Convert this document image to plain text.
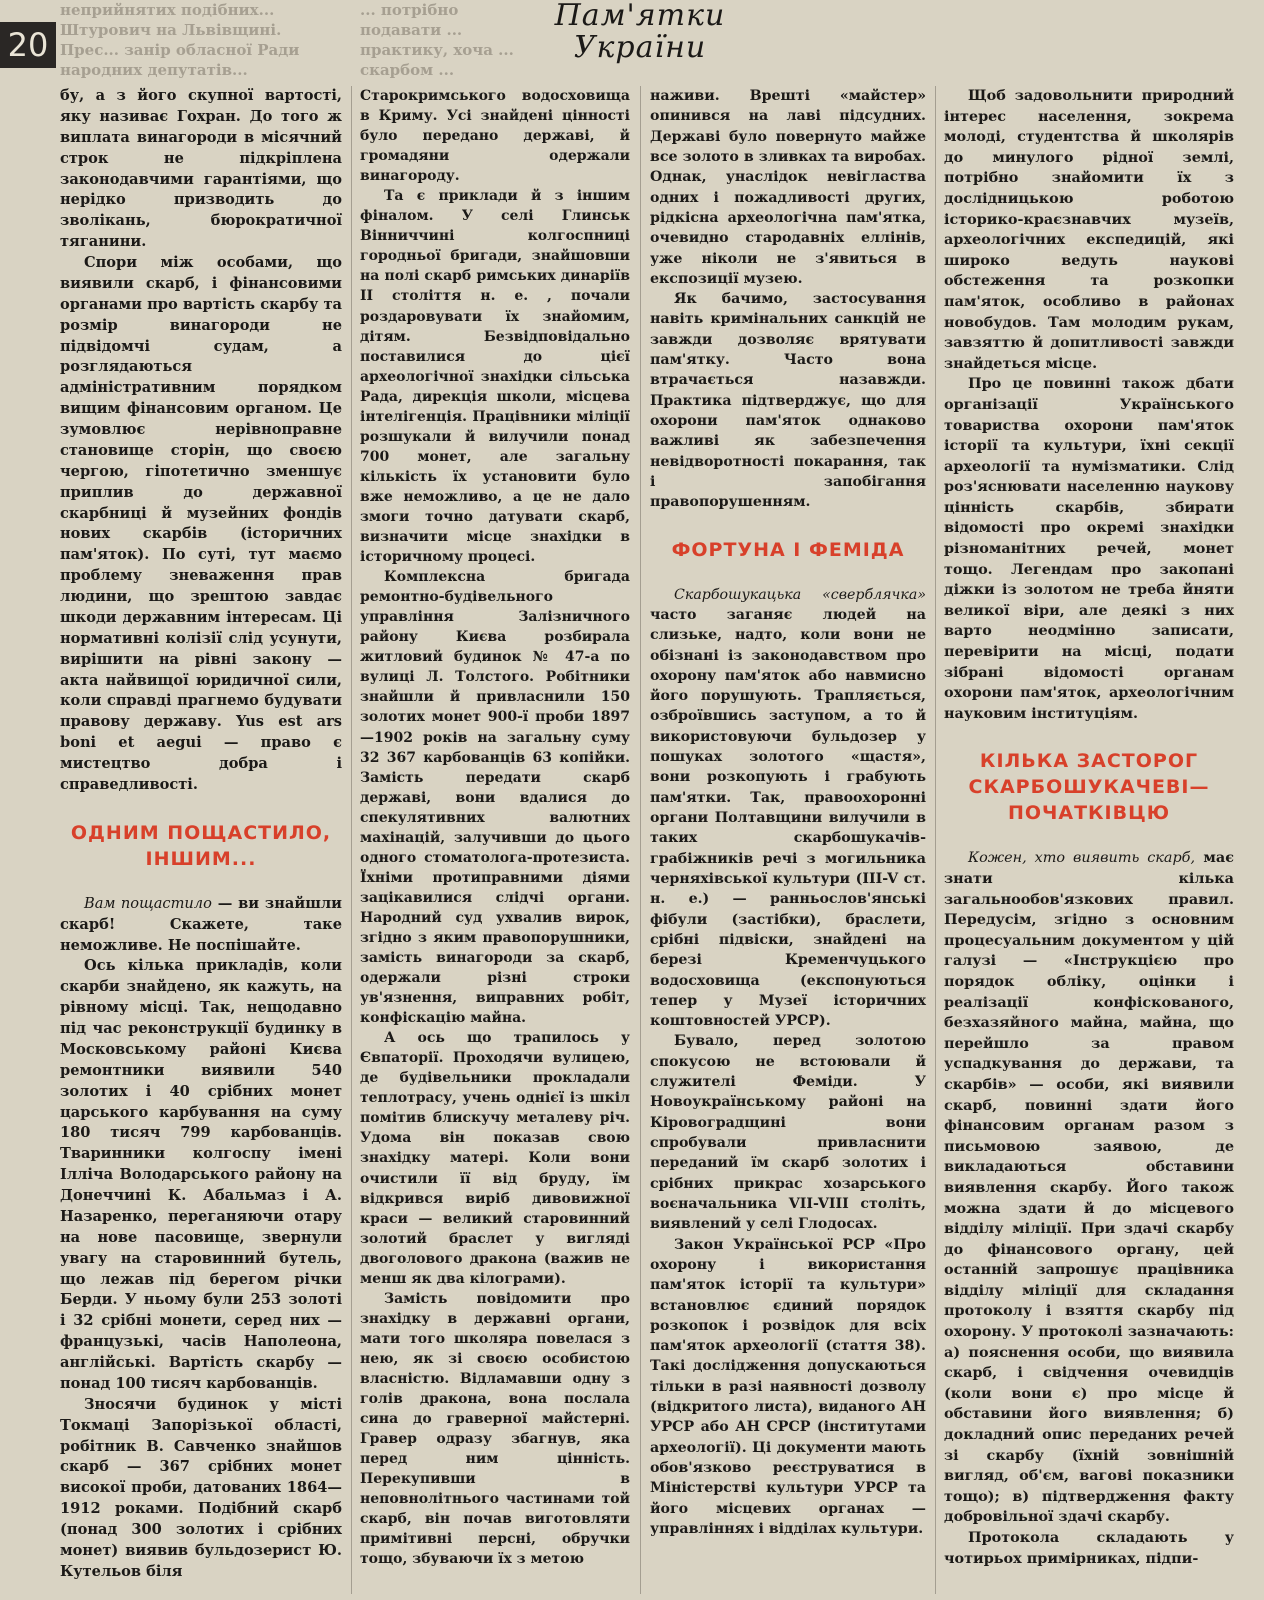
20
Пам'ятки України
неприйнятих подібних... Штурович на Львівщині. Прес... занір обласної Ради народних депутатів...
... потрібно подавати ... практику, хоча ... скарбом ...

бу, а з його скупної вартості, яку називає Гохран. До того ж виплата винагороди в місячний строк не підкріплена законодавчими гарантіями, що нерідко призводить до зволікань, бюрократичної тяганини.

Спори між особами, що виявили скарб, і фінансовими органами про вартість скарбу та розмір винагороди не підвідомчі судам, а розглядаються адміністративним порядком вищим фінансовим органом. Це зумовлює нерівноправне становище сторін, що своєю чергою, гіпотетично зменшує приплив до державної скарбниці й музейних фондів нових скарбів (історичних пам'яток). По суті, тут маємо проблему зневаження прав людини, що зрештою завдає шкоди державним інтересам. Ці нормативні колізії слід усунути, вирішити на рівні закону — акта найвищої юридичної сили, коли справді прагнемо будувати правову державу. Yus est ars boni et aegui — право є мистецтво добра і справедливості.

ОДНИМ ПОЩАСТИЛО, ІНШИМ...

Вам пощастило — ви знайшли скарб! Скажете, таке неможливе. Не поспішайте.

Ось кілька прикладів, коли скарби знайдено, як кажуть, на рівному місці. Так, нещодавно під час реконструкції будинку в Московському районі Києва ремонтники виявили 540 золотих і 40 срібних монет царського карбування на суму 180 тисяч 799 карбованців. Тваринники колгоспу імені Ілліча Володарського району на Донеччині К. Абальмаз і А. Назаренко, переганяючи отару на нове пасовище, звернули увагу на старовинний бутель, що лежав під берегом річки Берди. У ньому були 253 золоті і 32 срібні монети, серед них — французькі, часів Наполеона, англійські. Вартість скарбу — понад 100 тисяч карбованців.

Зносячи будинок у місті Токмаці Запорізької області, робітник В. Савченко знайшов скарб — 367 срібних монет високої проби, датованих 1864—1912 роками. Подібний скарб (понад 300 золотих і срібних монет) виявив бульдозерист Ю. Кутельов біля

Старокримського водосховища в Криму. Усі знайдені цінності було передано державі, й громадяни одержали винагороду.

Та є приклади й з іншим фіналом. У селі Глинськ Вінниччині колгоспниці городньої бригади, знайшовши на полі скарб римських динаріїв II століття н. е. , почали роздаровувати їх знайомим, дітям. Безвідповідально поставилися до цієї археологічної знахідки сільська Рада, дирекція школи, місцева інтелігенція. Працівники міліції розшукали й вилучили понад 700 монет, але загальну кількість їх установити було вже неможливо, а це не дало змоги точно датувати скарб, визначити місце знахідки в історичному процесі.

Комплексна бригада ремонтно-будівельного управління Залізничного району Києва розбирала житловий будинок № 47-а по вулиці Л. Толстого. Робітники знайшли й привласнили 150 золотих монет 900-ї проби 1897—1902 років на загальну суму 32 367 карбованців 63 копійки. Замість передати скарб державі, вони вдалися до спекулятивних валютних махінацій, залучивши до цього одного стоматолога-протезиста. Їхніми протиправними діями зацікавилися слідчі органи. Народний суд ухвалив вирок, згідно з яким правопорушники, замість винагороди за скарб, одержали різні строки ув'язнення, виправних робіт, конфіскацію майна.

А ось що трапилось у Євпаторії. Проходячи вулицею, де будівельники прокладали теплотрасу, учень однієї із шкіл помітив блискучу металеву річ. Удома він показав свою знахідку матері. Коли вони очистили її від бруду, їм відкрився виріб дивовижної краси — великий старовинний золотий браслет у вигляді двоголового дракона (важив не менш як два кілограми).

Замість повідомити про знахідку в державні органи, мати того школяра повелася з нею, як зі своєю особистою власністю. Відламавши одну з голів дракона, вона послала сина до граверної майстерні. Гравер одразу збагнув, яка перед ним цінність. Перекупивши в неповнолітнього частинами той скарб, він почав виготовляти примітивні персні, обручки тощо, збуваючи їх з метою

наживи. Врешті «майстер» опинився на лаві підсудних. Державі було повернуто майже все золото в зливках та виробах. Однак, унаслідок невігластва одних і пожадливості других, рідкісна археологічна пам'ятка, очевидно стародавніх еллінів, уже ніколи не з'явиться в експозиції музею.

Як бачимо, застосування навіть кримінальних санкцій не завжди дозволяє врятувати пам'ятку. Часто вона втрачається назавжди. Практика підтверджує, що для охорони пам'яток однаково важливі як забезпечення невідворотності покарання, так і запобігання правопорушенням.

ФОРТУНА І ФЕМІДА

Скарбошукацька «сверблячка» часто заганяє людей на слизьке, надто, коли вони не обізнані із законодавством про охорону пам'яток або навмисно його порушують. Трапляється, озброївшись заступом, а то й використовуючи бульдозер у пошуках золотого «щастя», вони розкопують і грабують пам'ятки. Так, правоохоронні органи Полтавщини вилучили в таких скарбошукачів-грабіжників речі з могильника черняхівської культури (III-V ст. н. е.) — ранньослов'янські фібули (застібки), браслети, срібні підвіски, знайдені на березі Кременчуцького водосховища (експонуються тепер у Музеї історичних коштовностей УРСР).

Бувало, перед золотою спокусою не встоювали й служителі Феміди. У Новоукраїнському районі на Кіровоградщині вони спробували привласнити переданий їм скарб золотих і срібних прикрас хозарського воєначальника VII-VIII століть, виявлений у селі Глодосах.

Закон Української РСР «Про охорону і використання пам'яток історії та культури» встановлює єдиний порядок розкопок і розвідок для всіх пам'яток археології (стаття 38). Такі дослідження допускаються тільки в разі наявності дозволу (відкритого листа), виданого АН УРСР або АН СРСР (інститутами археології). Ці документи мають обов'язково реєструватися в Міністерстві культури УРСР та його місцевих органах — управліннях і відділах культури.

Щоб задовольнити природний інтерес населення, зокрема молоді, студентства й школярів до минулого рідної землі, потрібно знайомити їх з дослідницькою роботою історико-краєзнавчих музеїв, археологічних експедицій, які широко ведуть наукові обстеження та розкопки пам'яток, особливо в районах новобудов. Там молодим рукам, завзяттю й допитливості завжди знайдеться місце.

Про це повинні також дбати організації Українського товариства охорони пам'яток історії та культури, їхні секції археології та нумізматики. Слід роз'яснювати населенню наукову цінність скарбів, збирати відомості про окремі знахідки різноманітних речей, монет тощо. Легендам про закопані діжки із золотом не треба йняти великої віри, але деякі з них варто неодмінно записати, перевірити на місці, подати зібрані відомості органам охорони пам'яток, археологічним науковим інституціям.

КІЛЬКА ЗАСТОРОГ СКАРБОШУКАЧЕВІ— ПОЧАТКІВЦЮ

Кожен, хто виявить скарб, має знати кілька загальнообов'язкових правил. Передусім, згідно з основним процесуальним документом у цій галузі — «Інструкцією про порядок обліку, оцінки і реалізації конфіскованого, безхазяйного майна, майна, що перейшло за правом успадкування до держави, та скарбів» — особи, які виявили скарб, повинні здати його фінансовим органам разом з письмовою заявою, де викладаються обставини виявлення скарбу. Його також можна здати й до місцевого відділу міліції. При здачі скарбу до фінансового органу, цей останній запрошує працівника відділу міліції для складання протоколу і взяття скарбу під охорону. У протоколі зазначають: а) пояснення особи, що виявила скарб, і свідчення очевидців (коли вони є) про місце й обставини його виявлення; б) докладний опис переданих речей зі скарбу (їхній зовнішній вигляд, об'єм, вагові показники тощо); в) підтвердження факту добровільної здачі скарбу.

Протокола складають у чотирьох примірниках, підпи-
